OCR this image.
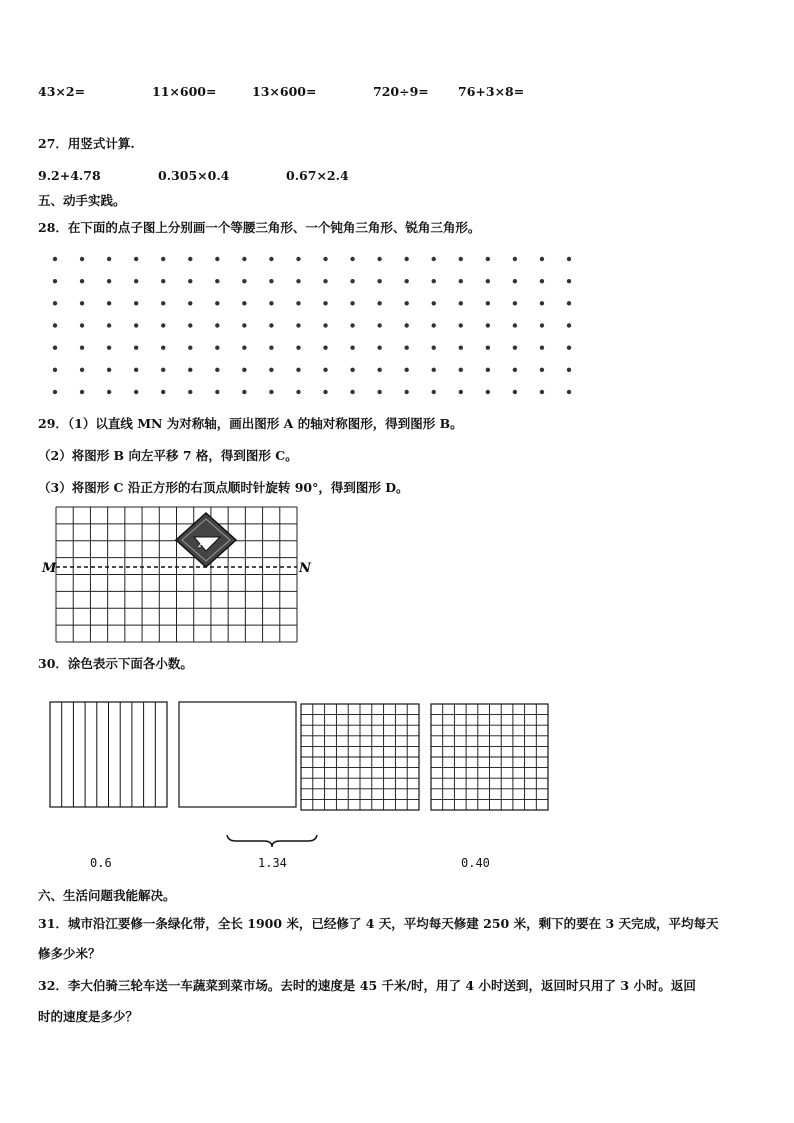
43×2=	11×600=	13×600=	720÷9= 76+3×8=
27．用竖式计算.
9.2+4.78	0.305×0.4	0.67×2.4
五、动手实践。
28．在下面的点子图上分别画一个等腰三角形、一个钝角三角形、锐角三角形。
29．（1）以直线 MN 为对称轴，画出图形 A 的轴对称图形，得到图形 B。
（2）将图形 B 向左平移 7 格，得到图形 C。
（3）将图形 C 沿正方形的右顶点顺时针旋转 90°，得到图形 D。
M	N
A
30．涂色表示下面各小数。
0.6	1.34	0.40
六、生活问题我能解决。
31．城市沿江要修一条绿化带，全长 1900 米，已经修了 4 天，平均每天修建 250 米，剩下的要在 3 天完成，平均每天
修多少米？
32．李大伯骑三轮车送一车蔬菜到菜市场。去时的速度是 45 千米/时，用了 4 小时送到，返回时只用了 3 小时。返回
时的速度是多少？
